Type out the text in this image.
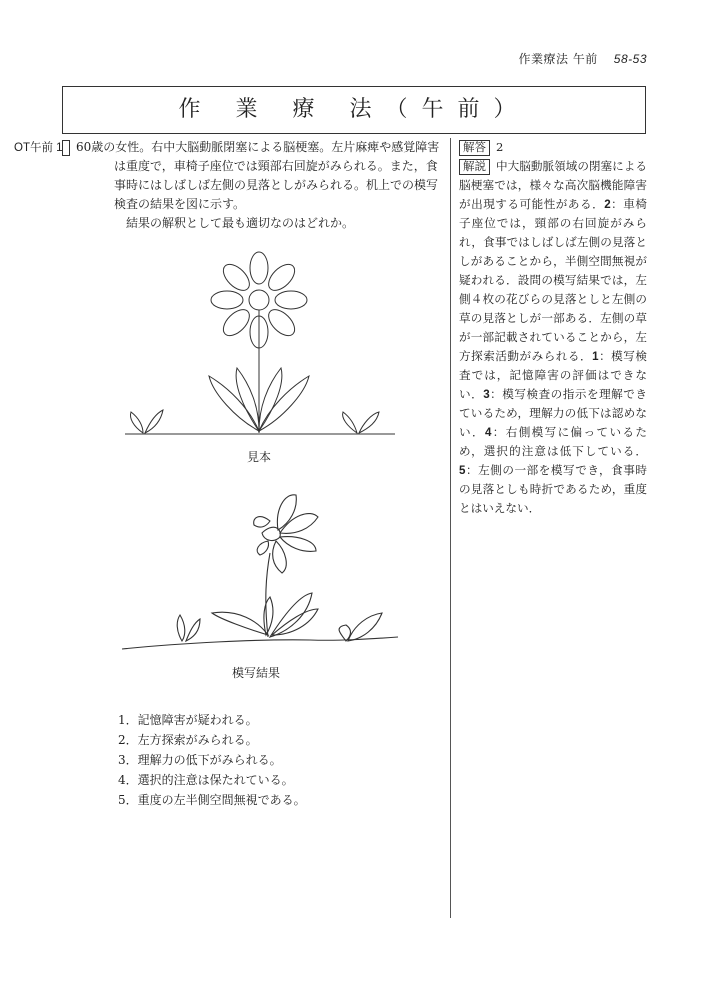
作業療法 午前 58-53
作 業 療 法（午前）
OT午前 1 60歳の女性。右中大脳動脈閉塞による脳梗塞。左片麻痺や感覚障害は重度で，車椅子座位では頸部右回旋がみられる。また，食事時にはしばしば左側の見落としがみられる。机上での模写検査の結果を図に示す。
結果の解釈として最も適切なのはどれか。
見本
模写結果
1．記憶障害が疑われる。
2．左方探索がみられる。
3．理解力の低下がみられる。
4．選択的注意は保たれている。
5．重度の左半側空間無視である。
解答 2
解説 中大脳動脈領域の閉塞による脳梗塞では，様々な高次脳機能障害が出現する可能性がある．2：車椅子座位では，頸部の右回旋がみられ，食事ではしばしば左側の見落としがあることから，半側空間無視が疑われる．設問の模写結果では，左側４枚の花びらの見落としと左側の草の見落としが一部ある．左側の草が一部記載されていることから，左方探索活動がみられる．1：模写検査では，記憶障害の評価はできない．3：模写検査の指示を理解できているため，理解力の低下は認めない．4：右側模写に偏っているため，選択的注意は低下している．5：左側の一部を模写でき，食事時の見落としも時折であるため，重度とはいえない．
